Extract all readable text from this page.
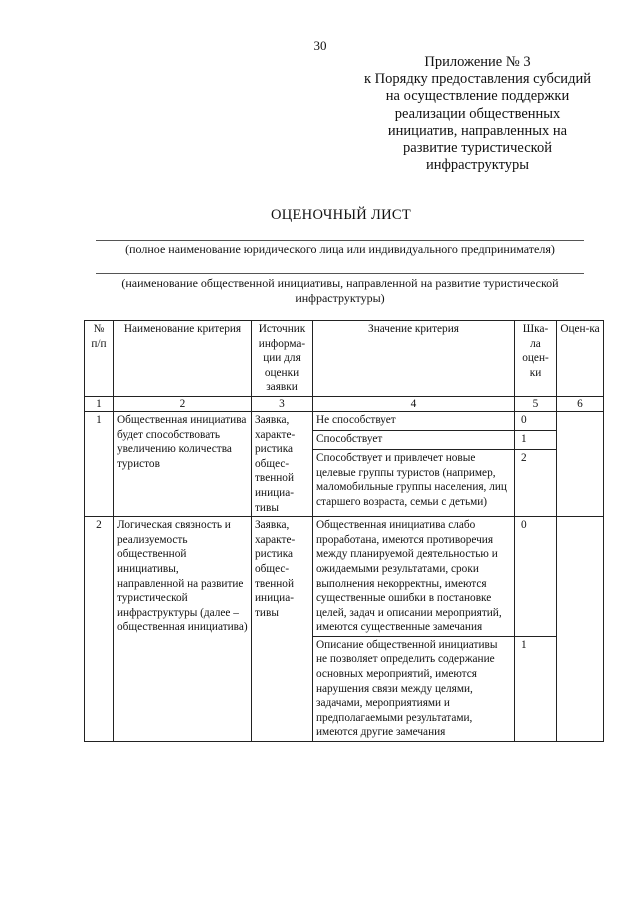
30
Приложение № 3
к Порядку предоставления субсидий
на осуществление поддержки
реализации общественных
инициатив, направленных на
развитие туристической
инфраструктуры
ОЦЕНОЧНЫЙ ЛИСТ
(полное наименование юридического лица или индивидуального предпринимателя)
(наименование общественной инициативы, направленной на развитие туристической инфраструктуры)
№ п/п	Наименование критерия	Источник информа-ции для оценки заявки	Значение критерия	Шка-ла оцен-ки	Оцен-ка
1	2	3	4	5	6
1	Общественная инициатива будет способствовать увеличению количества туристов	Заявка, характе-ристика общес-твенной инициа-тивы	Не способствует	0	
			Способствует	1	
			Способствует и привлечет новые целевые группы туристов (например, маломобильные группы населения, лиц старшего возраста, семьи с детьми)	2	
2	Логическая связность и реализуемость общественной инициативы, направленной на развитие туристической инфраструктуры (далее – общественная инициатива)	Заявка, характе-ристика общес-твенной инициа-тивы	Общественная инициатива слабо проработана, имеются противоречия между планируемой деятельностью и ожидаемыми результатами, сроки выполнения некорректны, имеются существенные ошибки в постановке целей, задач и описании мероприятий, имеются существенные замечания	0	
			Описание общественной инициативы не позволяет определить содержание основных мероприятий, имеются нарушения связи между целями, задачами, мероприятиями и предполагаемыми результатами, имеются другие замечания	1	
